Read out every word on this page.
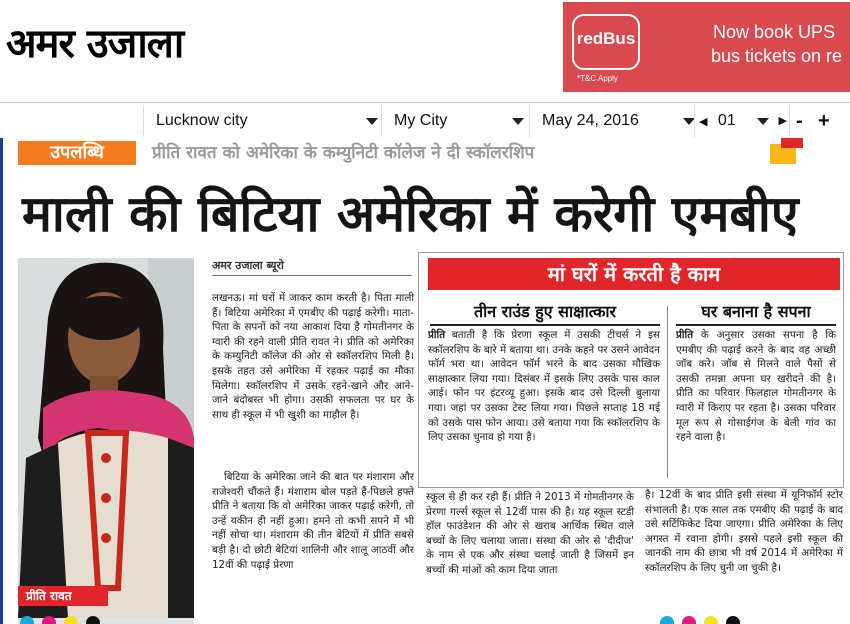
अमर उजाला	redBus
*T&C Apply
Now book UPS
bus tickets on re
Lucknow city	My City	May 24, 2016	◀ 01	▶ - +
उपलब्धि	प्रीति रावत को अमेरिका के कम्युनिटी कॉलेज ने दी स्कॉलरशिप
माली की बिटिया अमेरिका में करेगी एमबीए
प्रीति रावत
अमर उजाला ब्यूरो
लखनऊ। मां घरों में जाकर काम करती है। पिता माली हैं। बिटिया अमेरिका में एमबीए की पढ़ाई करेगी। माता-पिता के सपनों को नया आकाश दिया है गोमतीनगर के ग्वारी की रहने वाली प्रीति रावत ने। प्रीति को अमेरिका के कम्युनिटी कॉलेज की ओर से स्कॉलरशिप मिली है। इसके तहत उसे अमेरिका में रहकर पढ़ाई का मौका मिलेगा। स्कॉलरशिप में उसके रहने-खाने और आने-जाने बंदोबस्त भी होगा। उसकी सफलता पर घर के साथ ही स्कूल में भी खुशी का माहौल है।
बिटिया के अमेरिका जाने की बात पर मंशाराम और राजेश्वरी चौंकते हैं। मंशाराम बोल पड़ते हैं-पिछले हफ्ते प्रीति ने बताया कि वो अमेरिका जाकर पढ़ाई करेगी, तो उन्हें यकीन ही नहीं हुआ। हमने तो कभी सपने में भी नहीं सोचा था। मंशाराम की तीन बेटियों में प्रीति सबसे बड़ी है। दो छोटी बेटियां शालिनी और शालू आठवीं और 12वीं की पढ़ाई प्रेरणा
मां घरों में करती है काम
तीन राउंड हुए साक्षात्कार	घर बनाना है सपना
प्रीति बताती है कि प्रेरणा स्कूल में उसकी टीचर्स ने इस स्कॉलरशिप के बारे में बताया था। उनके कहने पर उसने आवेदन फॉर्म भरा था। आवेदन फॉर्म भरने के बाद उसका मौखिक साक्षात्कार लिया गया। दिसंबर में इसके लिए उसके पास काल आई। फोन पर इंटरव्यू हुआ। इसके बाद उसे दिल्ली बुलाया गया। जहां पर उसका टेस्ट लिया गया। पिछले सप्ताह 18 मई को उसके पास फोन आया। उसे बताया गया कि स्कॉलरशिप के लिए उसका चुनाव हो गया है।
प्रीति के अनुसार उसका सपना है कि एमबीए की पढ़ाई करने के बाद वह अच्छी जॉब करे। जॉब से मिलने वाले पैसों से उसकी तमन्ना अपना घर खरीदने की है। प्रीति का परिवार फिलहाल गोमतीनगर के ग्वारी में किराए पर रहता है। उसका परिवार मूल रूप से गोसाईगंज के बेली गांव का रहने वाला है।
स्कूल से ही कर रही हैं। प्रीति ने 2013 में गोमतीनगर के प्रेरणा गर्ल्स स्कूल से 12वीं पास की है। यह स्कूल स्टडी हॉल फाउंडेशन की ओर से खराब आर्थिक स्थित वाले बच्चों के लिए चलाया जाता। संस्था की ओर से 'दीदीज' के नाम से एक और संस्था चलाई जाती है जिसमें इन बच्चों की मांओं को काम दिया जाता
है। 12वीं के बाद प्रीति इसी संस्था में यूनिफॉर्म स्टोर संभालती है। एक साल तक एमबीए की पढ़ाई के बाद उसे सर्टिफिकेट दिया जाएगा। प्रीति अमेरिका के लिए अगस्त में रवाना होगी। इससे पहले इसी स्कूल की जानकी नाम की छात्रा भी वर्ष 2014 में अमेरिका में स्कॉलरशिप के लिए चुनी जा चुकी है।
